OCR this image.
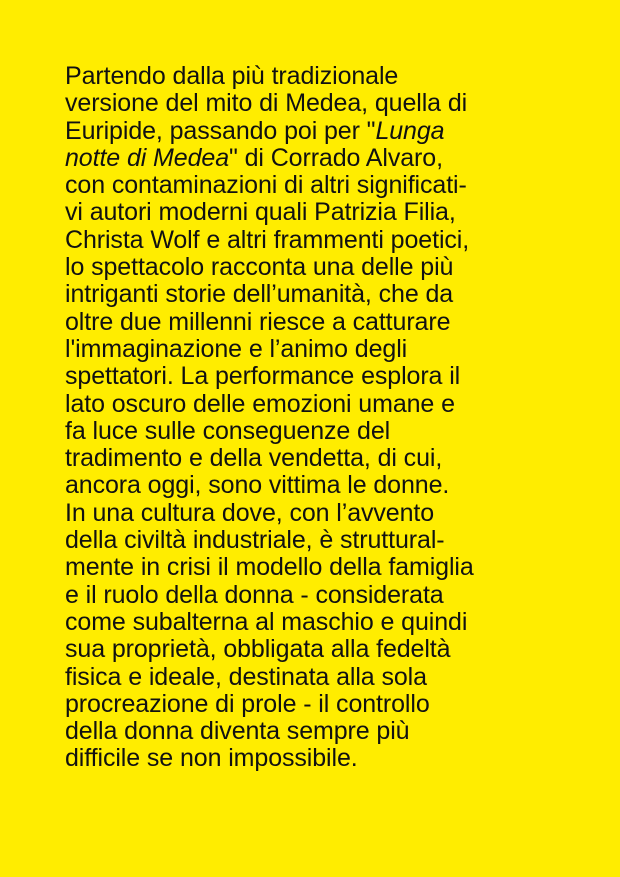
Partendo dalla più tradizionale
versione del mito di Medea, quella di
Euripide, passando poi per "Lunga
notte di Medea" di Corrado Alvaro,
con contaminazioni di altri significati-
vi autori moderni quali Patrizia Filia,
Christa Wolf e altri frammenti poetici,
lo spettacolo racconta una delle più
intriganti storie dell’umanità, che da
oltre due millenni riesce a catturare
l'immaginazione e l’animo degli
spettatori. La performance esplora il
lato oscuro delle emozioni umane e
fa luce sulle conseguenze del
tradimento e della vendetta, di cui,
ancora oggi, sono vittima le donne.
In una cultura dove, con l’avvento
della civiltà industriale, è struttural-
mente in crisi il modello della famiglia
e il ruolo della donna - considerata
come subalterna al maschio e quindi
sua proprietà, obbligata alla fedeltà
fisica e ideale, destinata alla sola
procreazione di prole - il controllo
della donna diventa sempre più
difficile se non impossibile.
